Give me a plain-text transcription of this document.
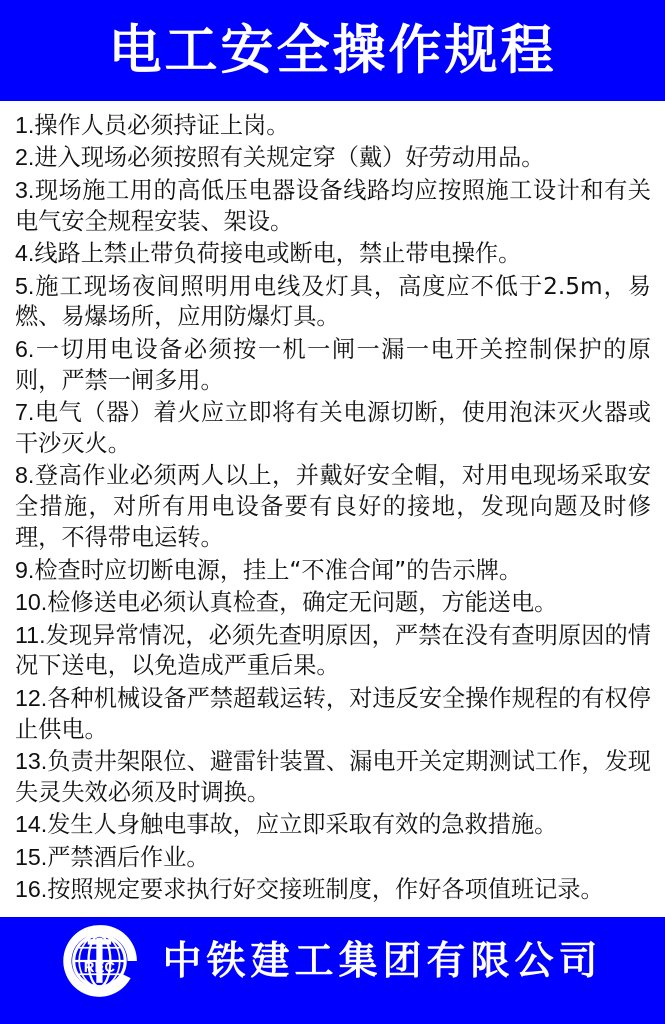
电工安全操作规程
1.操作人员必须持证上岗。
2.进入现场必须按照有关规定穿（戴）好劳动用品。
3.现场施工用的高低压电器设备线路均应按照施工设计和有关电气安全规程安装、架设。
4.线路上禁止带负荷接电或断电，禁止带电操作。
5.施工现场夜间照明用电线及灯具，高度应不低于2.5m，易燃、易爆场所，应用防爆灯具。
6.一切用电设备必须按一机一闸一漏一电开关控制保护的原则，严禁一闸多用。
7.电气（器）着火应立即将有关电源切断，使用泡沫灭火器或干沙灭火。
8.登高作业必须两人以上，并戴好安全帽，对用电现场采取安全措施，对所有用电设备要有良好的接地，发现向题及时修理，不得带电运转。
9.检查时应切断电源，挂上“不准合闻”的告示牌。
10.检修送电必须认真检查，确定无问题，方能送电。
11.发现异常情况，必须先查明原因，严禁在没有查明原因的情况下送电，以免造成严重后果。
12.各种机械设备严禁超载运转，对违反安全操作规程的有权停止供电。
13.负责井架限位、避雷针装置、漏电开关定期测试工作，发现失灵失效必须及时调换。
14.发生人身触电事故，应立即采取有效的急救措施。
15.严禁酒后作业。
16.按照规定要求执行好交接班制度，作好各项值班记录。
REC 中铁建工集团有限公司
